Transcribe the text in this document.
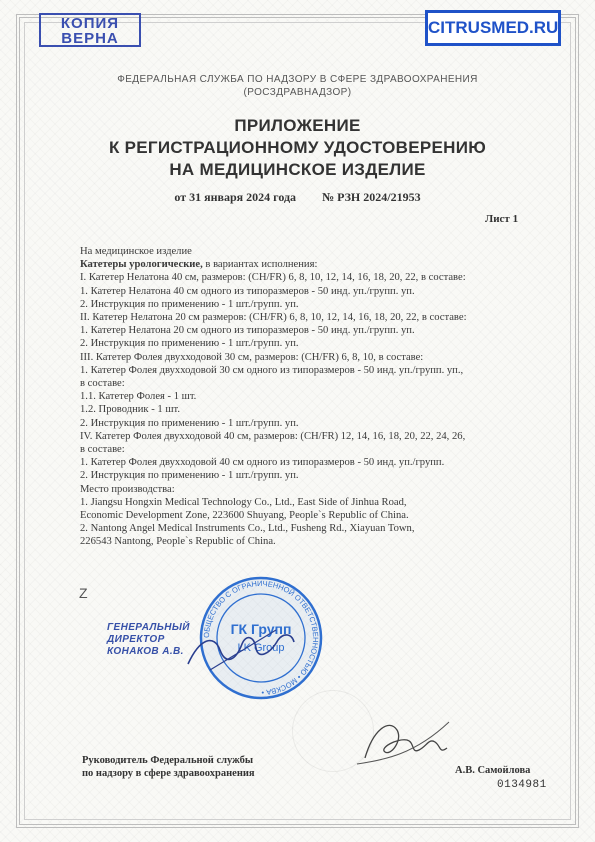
КОПИЯ
ВЕРНА
CITRUSMED.RU
ФЕДЕРАЛЬНАЯ СЛУЖБА ПО НАДЗОРУ В СФЕРЕ ЗДРАВООХРАНЕНИЯ
(РОСЗДРАВНАДЗОР)
ПРИЛОЖЕНИЕ
К РЕГИСТРАЦИОННОМУ УДОСТОВЕРЕНИЮ
НА МЕДИЦИНСКОЕ ИЗДЕЛИЕ
от 31 января 2024 года № РЗН 2024/21953
Лист 1
На медицинское изделие
Катетеры урологические, в вариантах исполнения:
I. Катетер Нелатона 40 см, размеров: (CH/FR) 6, 8, 10, 12, 14, 16, 18, 20, 22, в составе:
1. Катетер Нелатона 40 см одного из типоразмеров - 50 инд. уп./групп. уп.
2. Инструкция по применению - 1 шт./групп. уп.
II. Катетер Нелатона 20 см размеров: (CH/FR) 6, 8, 10, 12, 14, 16, 18, 20, 22, в составе:
1. Катетер Нелатона 20 см одного из типоразмеров - 50 инд. уп./групп. уп.
2. Инструкция по применению - 1 шт./групп. уп.
III. Катетер Фолея двухходовой 30 см, размеров: (CH/FR) 6, 8, 10, в составе:
1. Катетер Фолея двухходовой 30 см одного из типоразмеров - 50 инд. уп./групп. уп.,
в составе:
1.1. Катетер Фолея - 1 шт.
1.2. Проводник - 1 шт.
2. Инструкция по применению - 1 шт./групп. уп.
IV. Катетер Фолея двухходовой 40 см, размеров: (CH/FR) 12, 14, 16, 18, 20, 22, 24, 26,
в составе:
1. Катетер Фолея двухходовой 40 см одного из типоразмеров - 50 инд. уп./групп.
2. Инструкция по применению - 1 шт./групп. уп.
Место производства:
1. Jiangsu Hongxin Medical Technology Co., Ltd., East Side of Jinhua Road,
Economic Development Zone, 223600 Shuyang, People`s Republic of China.
2. Nantong Angel Medical Instruments Co., Ltd., Fusheng Rd., Xiayuan Town,
226543 Nantong, People`s Republic of China.
Z
ГЕНЕРАЛЬНЫЙ
ДИРЕКТОР
КОНАКОВ А.В.
ОБЩЕСТВО С ОГРАНИЧЕННОЙ ОТВЕТСТВЕННОСТЬЮ • МОСКВА •
ГК Групп
LK Group
Руководитель Федеральной службы
по надзору в сфере здравоохранения	А.В. Самойлова
0134981
